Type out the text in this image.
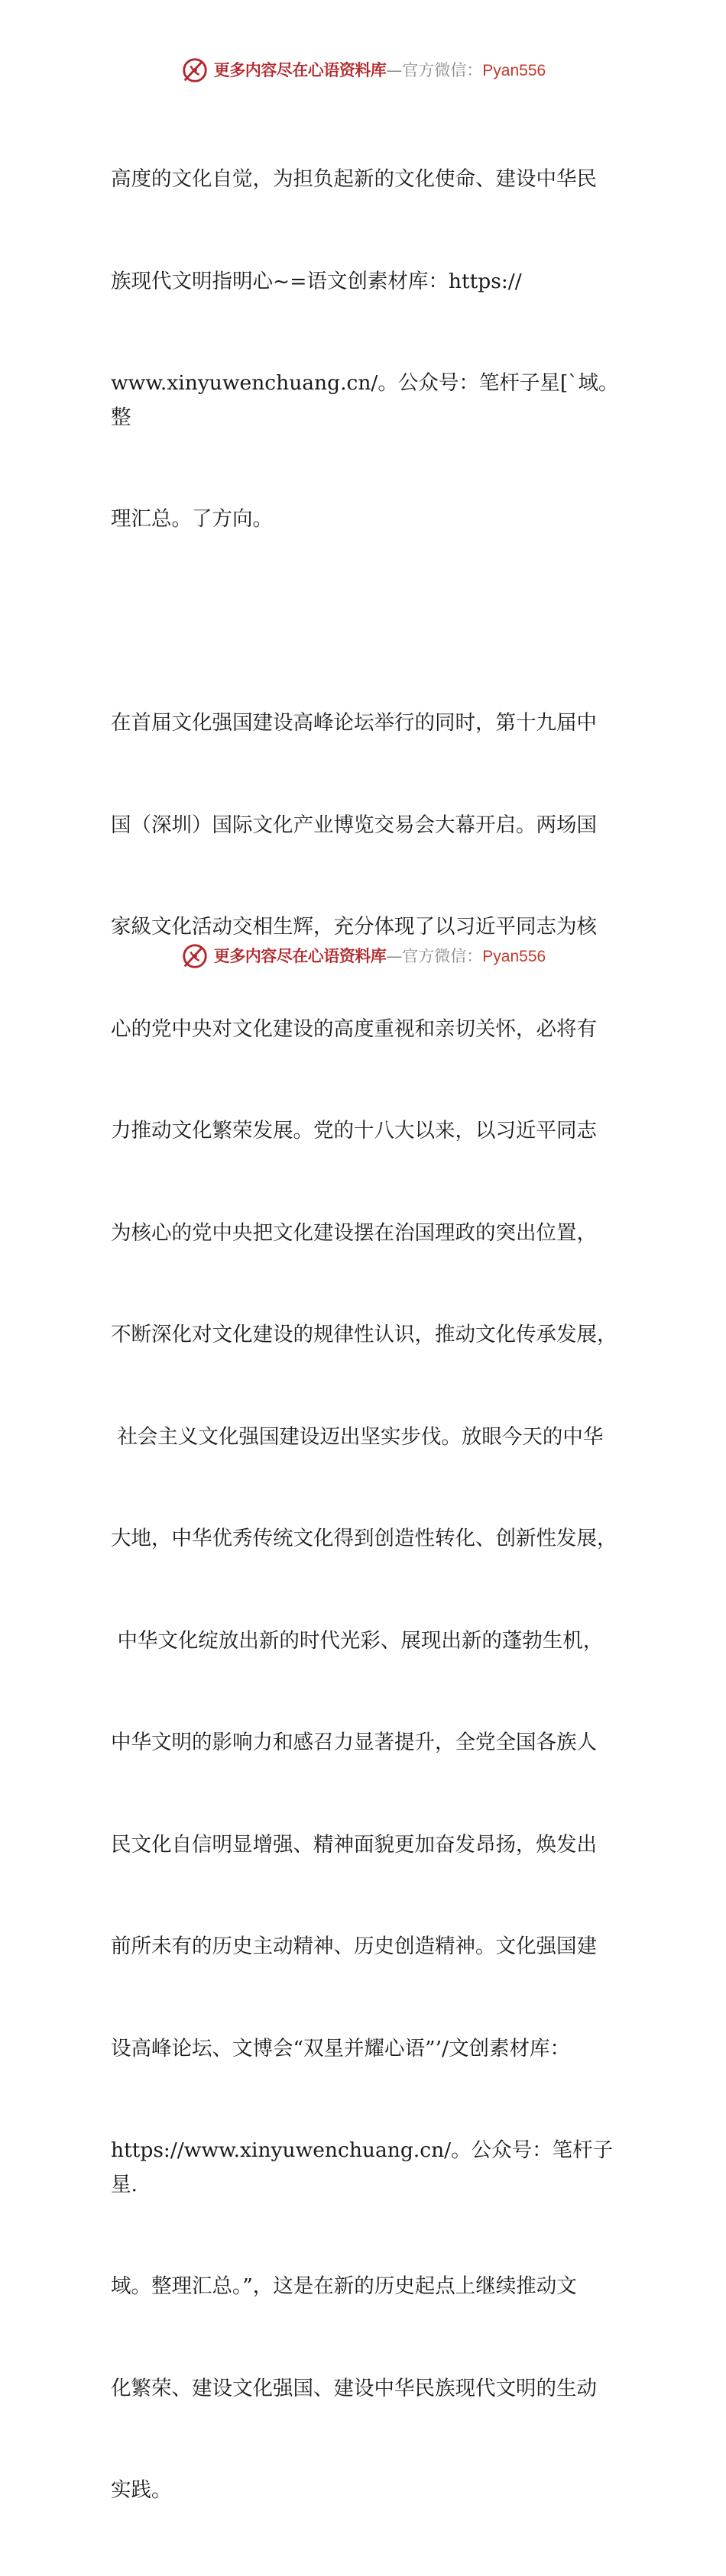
更多内容尽在心语资料库 — 官方微信： Pyan556

高度的文化自觉，为担负起新的文化使命、建设中华民

族现代文明指明心~=语文创素材库：https://

www.xinyuwenchuang.cn/。公众号：笔杆子星[`域。整

理汇总。了方向。

在首届文化强国建设高峰论坛举行的同时，第十九届中

国（深圳）国际文化产业博览交易会大幕开启。两场国

家級文化活动交相生辉，充分体现了以习近平同志为核

心的党中央对文化建设的高度重视和亲切关怀，必将有

力推动文化繁荣发展。党的十八大以来，以习近平同志

为核心的党中央把文化建设摆在治国理政的突出位置，

不断深化对文化建设的规律性认识，推动文化传承发展，

社会主义文化强国建设迈出坚实步伐。放眼今天的中华

大地，中华优秀传统文化得到创造性转化、创新性发展，

中华文化绽放出新的时代光彩、展现出新的蓬勃生机，

中华文明的影响力和感召力显著提升，全党全国各族人

民文化自信明显增强、精神面貌更加奋发昂扬，焕发出

前所未有的历史主动精神、历史创造精神。文化强国建

设高峰论坛、文博会“双星并耀心语”’/文创素材库：

https://www.xinyuwenchuang.cn/。公众号：笔杆子星.

域。整理汇总。”，这是在新的历史起点上继续推动文

化繁荣、建设文化强国、建设中华民族现代文明的生动

实践。

更多内容尽在心语资料库 — 官方微信： Pyan556
